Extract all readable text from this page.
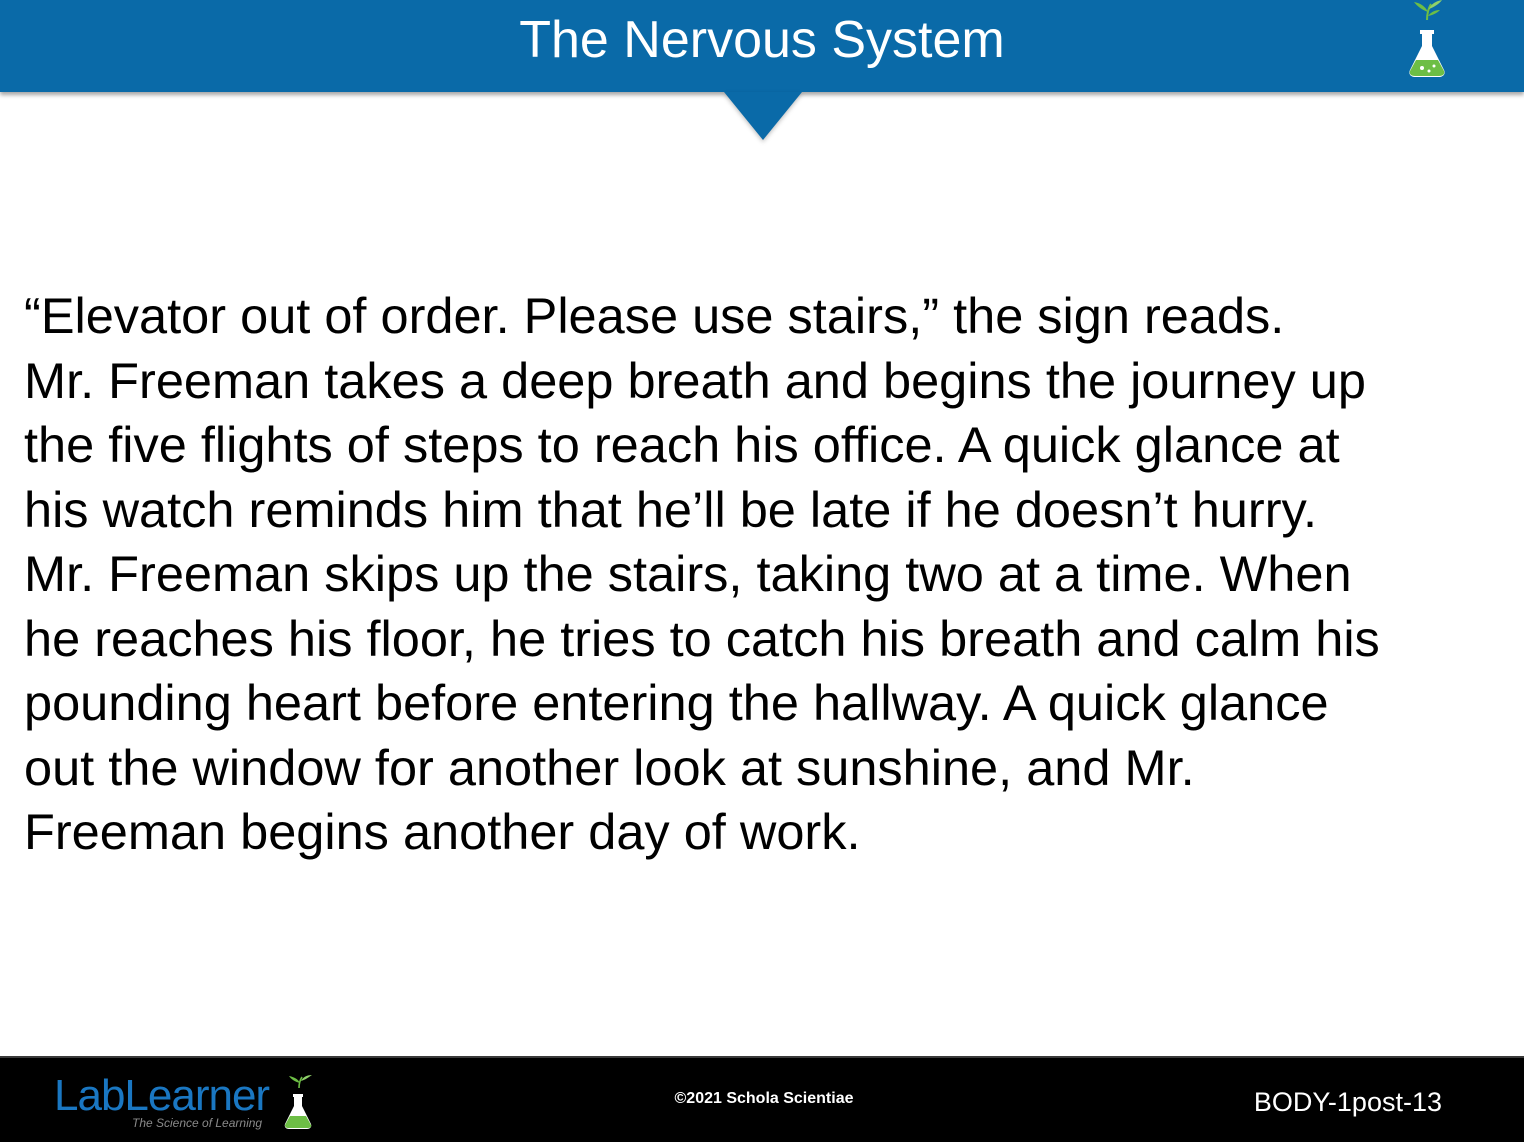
The Nervous System
“Elevator out of order. Please use stairs,” the sign reads.
Mr. Freeman takes a deep breath and begins the journey up
the five flights of steps to reach his office. A quick glance at
his watch reminds him that he’ll be late if he doesn’t hurry.
Mr. Freeman skips up the stairs, taking two at a time. When
he reaches his floor, he tries to catch his breath and calm his
pounding heart before entering the hallway. A quick glance
out the window for another look at sunshine, and Mr.
Freeman begins another day of work.
LabLearner
The Science of Learning
©2021 Schola Scientiae	BODY-1post-13
